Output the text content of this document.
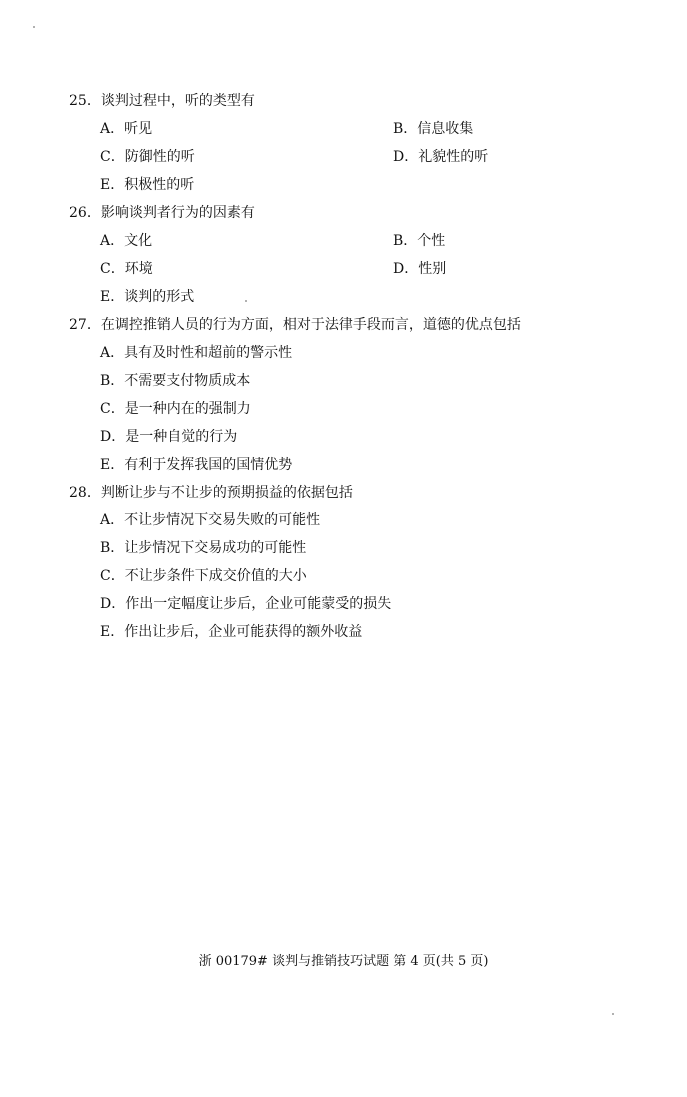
25．谈判过程中，听的类型有
A．听见	B．信息收集
C．防御性的听	D．礼貌性的听
E．积极性的听
26．影响谈判者行为的因素有
A．文化	B．个性
C．环境	D．性别
E．谈判的形式
27．在调控推销人员的行为方面，相对于法律手段而言，道德的优点包括
A．具有及时性和超前的警示性
B．不需要支付物质成本
C．是一种内在的强制力
D．是一种自觉的行为
E．有利于发挥我国的国情优势
28．判断让步与不让步的预期损益的依据包括
A．不让步情况下交易失败的可能性
B．让步情况下交易成功的可能性
C．不让步条件下成交价值的大小
D．作出一定幅度让步后，企业可能蒙受的损失
E．作出让步后，企业可能获得的额外收益
浙 00179# 谈判与推销技巧试题 第 4 页(共 5 页)
